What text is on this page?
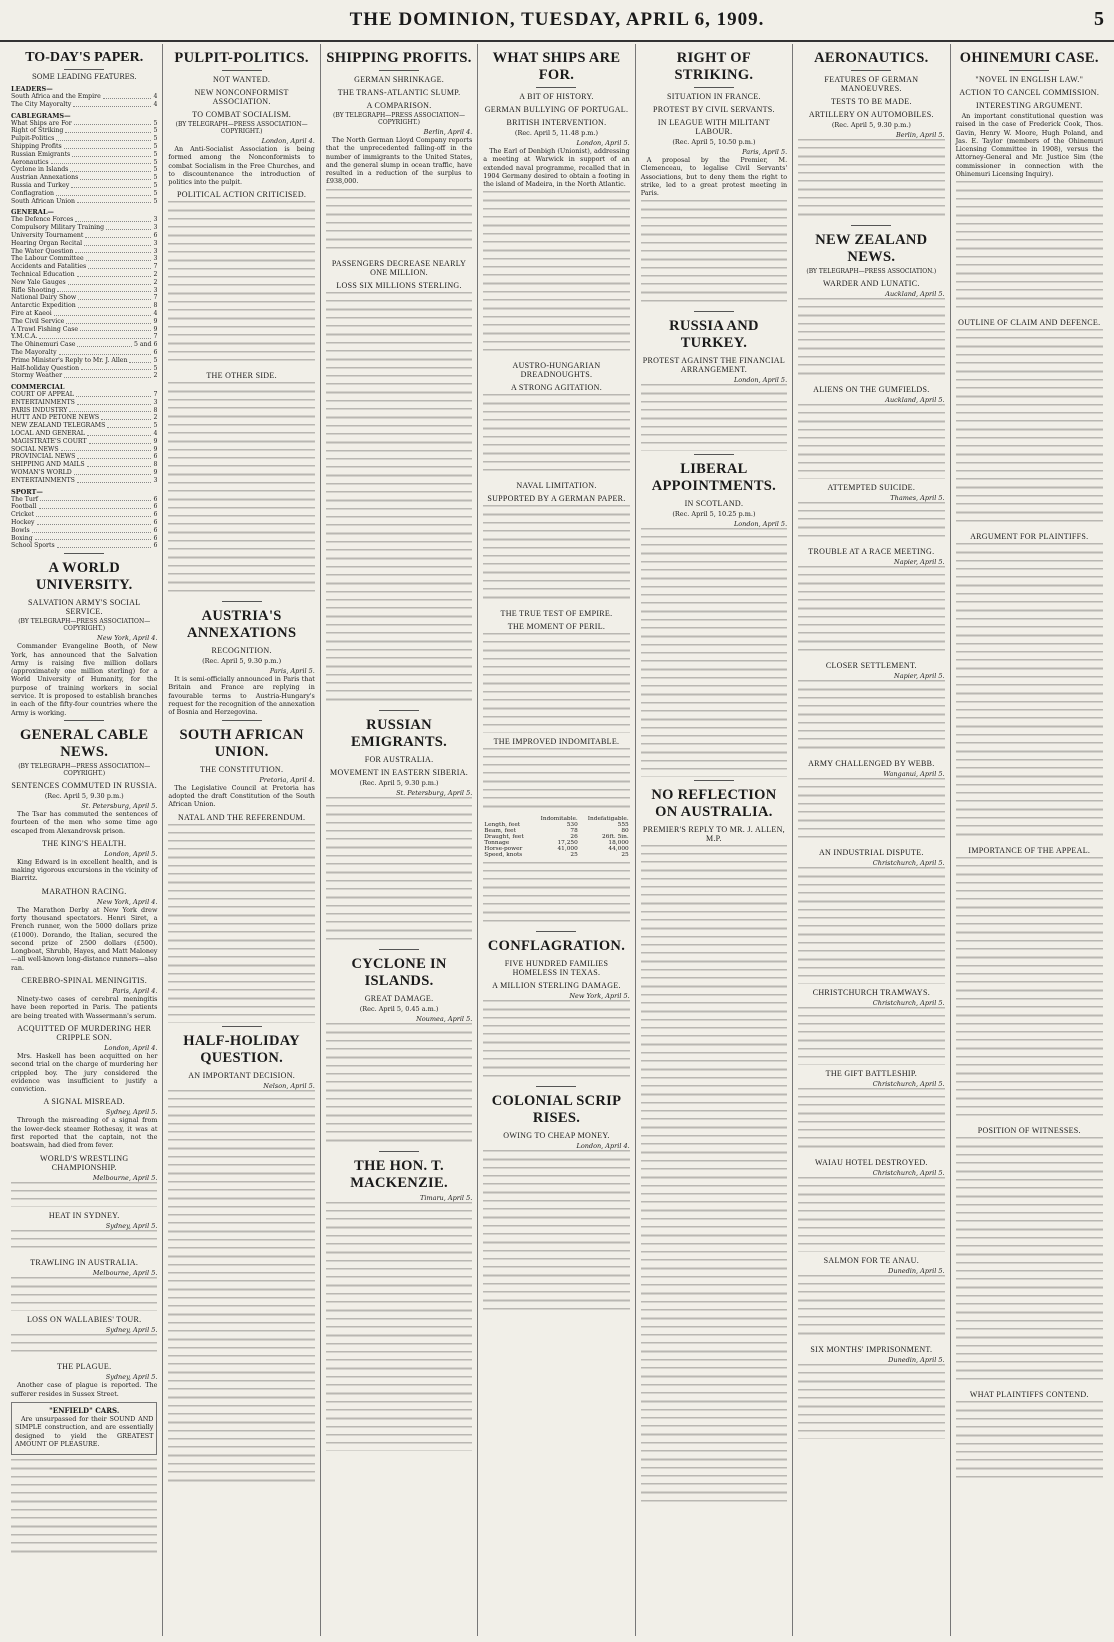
THE DOMINION, TUESDAY, APRIL 6, 1909.	5
TO-DAY'S PAPER.
SOME LEADING FEATURES.
LEADERS—
South Africa and the Empire	4
The City Mayoralty	4
CABLEGRAMS—
What Ships are For	5
Right of Striking	5
Pulpit-Politics	5
Shipping Profits	5
Russian Emigrants	5
Aeronautics	5
Cyclone in Islands	5
Austrian Annexations	5
Russia and Turkey	5
Conflagration	5
South African Union	5
GENERAL—
The Defence Forces	3
Compulsory Military Training	3
University Tournament	6
Hearing Organ Recital	3
The Water Question	3
The Labour Committee	3
Accidents and Fatalities	7
Technical Education	2
New Yale Gauges	2
Rifle Shooting	3
National Dairy Show	7
Antarctic Expedition	8
Fire at Kaeoi	4
The Civil Service	9
A Trawl Fishing Case	9
Y.M.C.A.	7
The Ohinemuri Case	5 and 6
The Mayoralty	6
Prime Minister's Reply to Mr. J. Allen	5
Half-holiday Question	5
Stormy Weather	2
COMMERCIAL
COURT OF APPEAL	7
ENTERTAINMENTS	3
PARIS INDUSTRY	8
HUTT AND PETONE NEWS	2
NEW ZEALAND TELEGRAMS	5
LOCAL AND GENERAL	4
MAGISTRATE'S COURT	9
SOCIAL NEWS	9
PROVINCIAL NEWS	6
SHIPPING AND MAILS	8
WOMAN'S WORLD	9
ENTERTAINMENTS	3
SPORT—
The Turf	6
Football	6
Cricket	6
Hockey	6
Bowls	6
Boxing	6
School Sports	6
A WORLD UNIVERSITY.
SALVATION ARMY'S SOCIAL SERVICE.
(BY TELEGRAPH—PRESS ASSOCIATION—COPYRIGHT.)
New York, April 4.

Commander Evangeline Booth, of New York, has announced that the Salvation Army is raising five million dollars (approximately one million sterling) for a World University of Humanity, for the purpose of training workers in social service. It is proposed to establish branches in each of the fifty-four countries where the Army is working.

GENERAL CABLE NEWS.
(BY TELEGRAPH—PRESS ASSOCIATION—COPYRIGHT.)
SENTENCES COMMUTED IN RUSSIA.
(Rec. April 5, 9.30 p.m.)
St. Petersburg, April 5.

The Tsar has commuted the sentences of fourteen of the men who some time ago escaped from Alexandrovsk prison.

THE KING'S HEALTH.
London, April 5.

King Edward is in excellent health, and is making vigorous excursions in the vicinity of Biarritz.

MARATHON RACING.
New York, April 4.

The Marathon Derby at New York drew forty thousand spectators. Henri Siret, a French runner, won the 5000 dollars prize (£1000). Dorando, the Italian, secured the second prize of 2500 dollars (£500). Longboat, Shrubb, Hayes, and Matt Maloney—all well-known long-distance runners—also ran.

CEREBRO-SPINAL MENINGITIS.
Paris, April 4.

Ninety-two cases of cerebral meningitis have been reported in Paris. The patients are being treated with Wassermann's serum.

ACQUITTED OF MURDERING HER CRIPPLE SON.
London, April 4.

Mrs. Haskell has been acquitted on her second trial on the charge of murdering her crippled boy. The jury considered the evidence was insufficient to justify a conviction.

A SIGNAL MISREAD.
Sydney, April 5.

Through the misreading of a signal from the lower-deck steamer Rothesay, it was at first reported that the captain, not the boatswain, had died from fever.

WORLD'S WRESTLING CHAMPIONSHIP.
Melbourne, April 5.
HEAT IN SYDNEY.
Sydney, April 5.
TRAWLING IN AUSTRALIA.
Melbourne, April 5.
LOSS ON WALLABIES' TOUR.
Sydney, April 5.
THE PLAGUE.
Sydney, April 5.

Another case of plague is reported. The sufferer resides in Sussex Street.

"ENFIELD" CARS.

Are unsurpassed for their SOUND AND SIMPLE construction, and are essentially designed to yield the GREATEST AMOUNT OF PLEASURE.

PULPIT-POLITICS.
NOT WANTED.
NEW NONCONFORMIST ASSOCIATION.
TO COMBAT SOCIALISM.
(BY TELEGRAPH—PRESS ASSOCIATION—COPYRIGHT.)
London, April 4.

An Anti-Socialist Association is being formed among the Nonconformists to combat Socialism in the Free Churches, and to discountenance the introduction of politics into the pulpit.

POLITICAL ACTION CRITICISED.
THE OTHER SIDE.
AUSTRIA'S ANNEXATIONS
RECOGNITION.
(Rec. April 5, 9.30 p.m.)
Paris, April 5.

It is semi-officially announced in Paris that Britain and France are replying in favourable terms to Austria-Hungary's request for the recognition of the annexation of Bosnia and Herzegovina.

SOUTH AFRICAN UNION.
THE CONSTITUTION.
Pretoria, April 4.

The Legislative Council at Pretoria has adopted the draft Constitution of the South African Union.

NATAL AND THE REFERENDUM.
HALF-HOLIDAY QUESTION.
AN IMPORTANT DECISION.
Nelson, April 5.
SHIPPING PROFITS.
GERMAN SHRINKAGE.
THE TRANS-ATLANTIC SLUMP.
A COMPARISON.
(BY TELEGRAPH—PRESS ASSOCIATION—COPYRIGHT.)
Berlin, April 4.

The North German Lloyd Company reports that the unprecedented falling-off in the number of immigrants to the United States, and the general slump in ocean traffic, have resulted in a reduction of the surplus to £938,000.

PASSENGERS DECREASE NEARLY ONE MILLION.
LOSS SIX MILLIONS STERLING.
RUSSIAN EMIGRANTS.
FOR AUSTRALIA.
MOVEMENT IN EASTERN SIBERIA.
(Rec. April 5, 9.30 p.m.)
St. Petersburg, April 5.
CYCLONE IN ISLANDS.
GREAT DAMAGE.
(Rec. April 5, 0.45 a.m.)
Noumea, April 5.
THE HON. T. MACKENZIE.
Timaru, April 5.
WHAT SHIPS ARE FOR.
A BIT OF HISTORY.
GERMAN BULLYING OF PORTUGAL.
BRITISH INTERVENTION.
(Rec. April 5, 11.48 p.m.)
London, April 5.

The Earl of Denbigh (Unionist), addressing a meeting at Warwick in support of an extended naval programme, recalled that in 1904 Germany desired to obtain a footing in the island of Madeira, in the North Atlantic.

AUSTRO-HUNGARIAN DREADNOUGHTS.
A STRONG AGITATION.
NAVAL LIMITATION.
SUPPORTED BY A GERMAN PAPER.
THE TRUE TEST OF EMPIRE.
THE MOMENT OF PERIL.
THE IMPROVED INDOMITABLE.
	Indomitable.	Indefatigable.
Length, feet	530	555
Beam, feet	78	80
Draught, feet	26	26ft. 5in.
Tonnage	17,250	18,000
Horse-power	41,000	44,000
Speed, knots	25	25
CONFLAGRATION.
FIVE HUNDRED FAMILIES HOMELESS IN TEXAS.
A MILLION STERLING DAMAGE.
New York, April 5.
COLONIAL SCRIP RISES.
OWING TO CHEAP MONEY.
London, April 4.
RIGHT OF STRIKING.
SITUATION IN FRANCE.
PROTEST BY CIVIL SERVANTS.
IN LEAGUE WITH MILITANT LABOUR.
(Rec. April 5, 10.50 p.m.)
Paris, April 5.

A proposal by the Premier, M. Clemenceau, to legalise Civil Servants' Associations, but to deny them the right to strike, led to a great protest meeting in Paris.

RUSSIA AND TURKEY.
PROTEST AGAINST THE FINANCIAL ARRANGEMENT.
London, April 5.
LIBERAL APPOINTMENTS.
IN SCOTLAND.
(Rec. April 5, 10.25 p.m.)
London, April 5.
NO REFLECTION ON AUSTRALIA.
PREMIER'S REPLY TO MR. J. ALLEN, M.P.
AERONAUTICS.
FEATURES OF GERMAN MANOEUVRES.
TESTS TO BE MADE.
ARTILLERY ON AUTOMOBILES.
(Rec. April 5, 9.30 p.m.)
Berlin, April 5.
NEW ZEALAND NEWS.
(BY TELEGRAPH—PRESS ASSOCIATION.)
WARDER AND LUNATIC.
Auckland, April 5.
ALIENS ON THE GUMFIELDS.
Auckland, April 5.
ATTEMPTED SUICIDE.
Thames, April 5.
TROUBLE AT A RACE MEETING.
Napier, April 5.
CLOSER SETTLEMENT.
Napier, April 5.
ARMY CHALLENGED BY WEBB.
Wanganui, April 5.
AN INDUSTRIAL DISPUTE.
Christchurch, April 5.
CHRISTCHURCH TRAMWAYS.
Christchurch, April 5.
THE GIFT BATTLESHIP.
Christchurch, April 5.
WAIAU HOTEL DESTROYED.
Christchurch, April 5.
SALMON FOR TE ANAU.
Dunedin, April 5.
SIX MONTHS' IMPRISONMENT.
Dunedin, April 5.
OHINEMURI CASE.
"NOVEL IN ENGLISH LAW."
ACTION TO CANCEL COMMISSION.
INTERESTING ARGUMENT.

An important constitutional question was raised in the case of Frederick Cook, Thos. Gavin, Henry W. Moore, Hugh Poland, and Jas. E. Taylor (members of the Ohinemuri Licensing Committee in 1908), versus the Attorney-General and Mr. Justice Sim (the commissioner in connection with the Ohinemuri Licensing Inquiry).

OUTLINE OF CLAIM AND DEFENCE.
ARGUMENT FOR PLAINTIFFS.
IMPORTANCE OF THE APPEAL.
POSITION OF WITNESSES.
WHAT PLAINTIFFS CONTEND.
